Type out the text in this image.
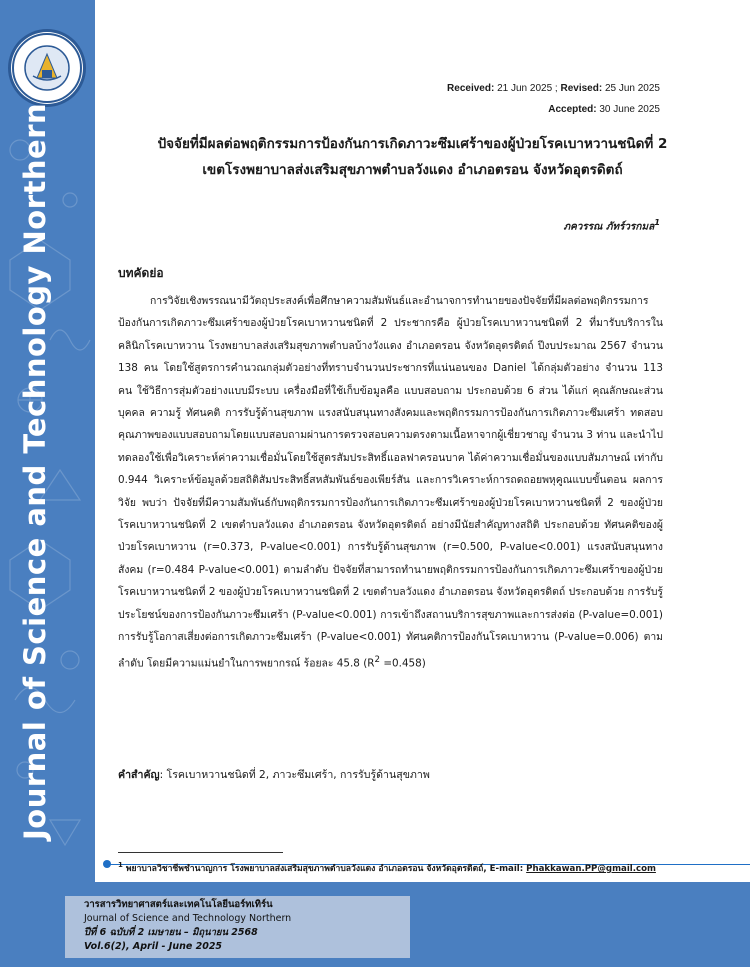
Journal of Science and Technology Northern
Received: 21 Jun 2025 ; Revised: 25 Jun 2025
Accepted: 30 June 2025
ปัจจัยที่มีผลต่อพฤติกรรมการป้องกันการเกิดภาวะซึมเศร้าของผู้ป่วยโรคเบาหวานชนิดที่ 2
เขตโรงพยาบาลส่งเสริมสุขภาพตำบลวังแดง อำเภอตรอน จังหวัดอุตรดิตถ์
ภควรรณ ภัทร์วรกมล$^1$
บทคัดย่อ

การวิจัยเชิงพรรณนามีวัตถุประสงค์เพื่อศึกษาความสัมพันธ์และอำนาจการทำนายของปัจจัยที่มีผลต่อพฤติกรรมการป้องกันการเกิดภาวะซึมเศร้าของผู้ป่วยโรคเบาหวานชนิดที่ 2 ประชากรคือ ผู้ป่วยโรคเบาหวานชนิดที่ 2 ที่มารับบริการในคลินิกโรคเบาหวาน โรงพยาบาลส่งเสริมสุขภาพตำบลบ้างวังแดง อำเภอตรอน จังหวัดอุตรดิตถ์ ปีงบประมาณ 2567 จำนวน 138 คน โดยใช้สูตรการคำนวณกลุ่มตัวอย่างที่ทราบจำนวนประชากรที่แน่นอนของ Daniel ได้กลุ่มตัวอย่าง จำนวน 113 คน ใช้วิธีการสุ่มตัวอย่างแบบมีระบบ เครื่องมือที่ใช้เก็บข้อมูลคือ แบบสอบถาม ประกอบด้วย 6 ส่วน ได้แก่ คุณลักษณะส่วนบุคคล ความรู้ ทัศนคติ การรับรู้ด้านสุขภาพ แรงสนับสนุนทางสังคมและพฤติกรรมการป้องกันการเกิดภาวะซึมเศร้า ทดสอบคุณภาพของแบบสอบถามโดยแบบสอบถามผ่านการตรวจสอบความตรงตามเนื้อหาจากผู้เชี่ยวชาญ จำนวน 3 ท่าน และนำไปทดลองใช้เพื่อวิเคราะห์ค่าความเชื่อมั่นโดยใช้สูตรสัมประสิทธิ์แอลฟาครอนบาค ได้ค่าความเชื่อมั่นของแบบสัมภาษณ์ เท่ากับ 0.944 วิเคราะห์ข้อมูลด้วยสถิติสัมประสิทธิ์สหสัมพันธ์ของเพียร์สัน และการวิเคราะห์การถดถอยพหุคูณแบบขั้นตอน ผลการวิจัย พบว่า ปัจจัยที่มีความสัมพันธ์กับพฤติกรรมการป้องกันการเกิดภาวะซึมเศร้าของผู้ป่วยโรคเบาหวานชนิดที่ 2 ของผู้ป่วยโรคเบาหวานชนิดที่ 2 เขตตำบลวังแดง อำเภอตรอน จังหวัดอุตรดิตถ์ อย่างมีนัยสำคัญทางสถิติ ประกอบด้วย ทัศนคติของผู้ป่วยโรคเบาหวาน (r=0.373, P-value<0.001) การรับรู้ด้านสุขภาพ (r=0.500, P-value<0.001) แรงสนับสนุนทางสังคม (r=0.484 P-value<0.001) ตามลำดับ ปัจจัยที่สามารถทำนายพฤติกรรมการป้องกันการเกิดภาวะซึมเศร้าของผู้ป่วยโรคเบาหวานชนิดที่ 2 ของผู้ป่วยโรคเบาหวานชนิดที่ 2 เขตตำบลวังแดง อำเภอตรอน จังหวัดอุตรดิตถ์ ประกอบด้วย การรับรู้ประโยชน์ของการป้องกันภาวะซึมเศร้า (P-value<0.001) การเข้าถึงสถานบริการสุขภาพและการส่งต่อ (P-value=0.001) การรับรู้โอกาสเสี่ยงต่อการเกิดภาวะซึมเศร้า (P-value<0.001) ทัศนคติการป้องกันโรคเบาหวาน (P-value=0.006) ตามลำดับ โดยมีความแม่นยำในการพยากรณ์ ร้อยละ 45.8 $(R^2 =0.458)$

คำสำคัญ: โรคเบาหวานชนิดที่ 2, ภาวะซึมเศร้า, การรับรู้ด้านสุขภาพ
$^1$ พยาบาลวิชาชีพชำนาญการ โรงพยาบาลส่งเสริมสุขภาพตำบลวังแดง อำเภอตรอน จังหวัดอุตรดิตถ์, E-mail: Phakkawan.PP@gmail.com
วารสารวิทยาศาสตร์และเทคโนโลยีนอร์ทเทิร์น
Journal of Science and Technology Northern
ปีที่ 6 ฉบับที่ 2 เมษายน – มิถุนายน 2568
Vol.6(2), April - June 2025
